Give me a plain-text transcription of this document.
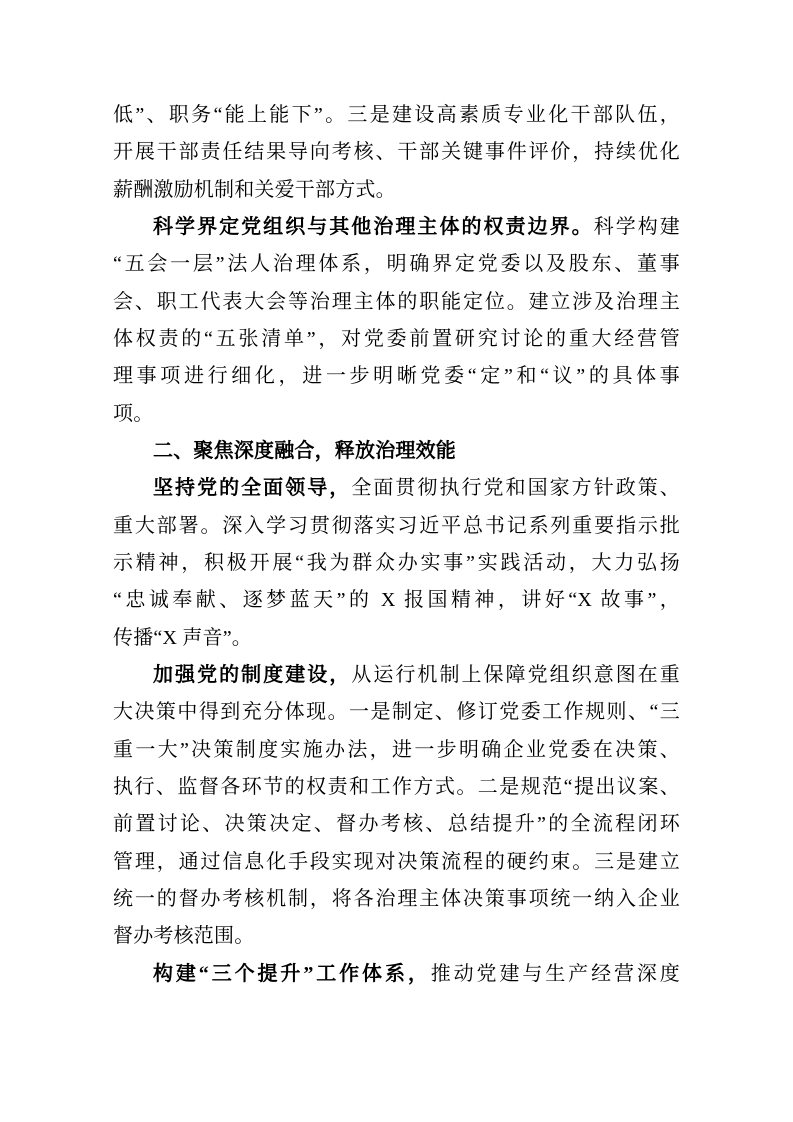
低”、职务“能上能下”。三是建设高素质专业化干部队伍，
开展干部责任结果导向考核、干部关键事件评价，持续优化
薪酬激励机制和关爱干部方式。
科学界定党组织与其他治理主体的权责边界。科学构建
“五会一层”法人治理体系，明确界定党委以及股东、董事
会、职工代表大会等治理主体的职能定位。建立涉及治理主
体权责的“五张清单”，对党委前置研究讨论的重大经营管
理事项进行细化，进一步明晰党委“定”和“议”的具体事
项。
二、聚焦深度融合，释放治理效能
坚持党的全面领导，全面贯彻执行党和国家方针政策、
重大部署。深入学习贯彻落实习近平总书记系列重要指示批
示精神，积极开展“我为群众办实事”实践活动，大力弘扬
“忠诚奉献、逐梦蓝天”的 X 报国精神，讲好“X 故事”，
传播“X 声音”。
加强党的制度建设，从运行机制上保障党组织意图在重
大决策中得到充分体现。一是制定、修订党委工作规则、“三
重一大”决策制度实施办法，进一步明确企业党委在决策、
执行、监督各环节的权责和工作方式。二是规范“提出议案、
前置讨论、决策决定、督办考核、总结提升”的全流程闭环
管理，通过信息化手段实现对决策流程的硬约束。三是建立
统一的督办考核机制，将各治理主体决策事项统一纳入企业
督办考核范围。
构建“三个提升”工作体系，推动党建与生产经营深度
